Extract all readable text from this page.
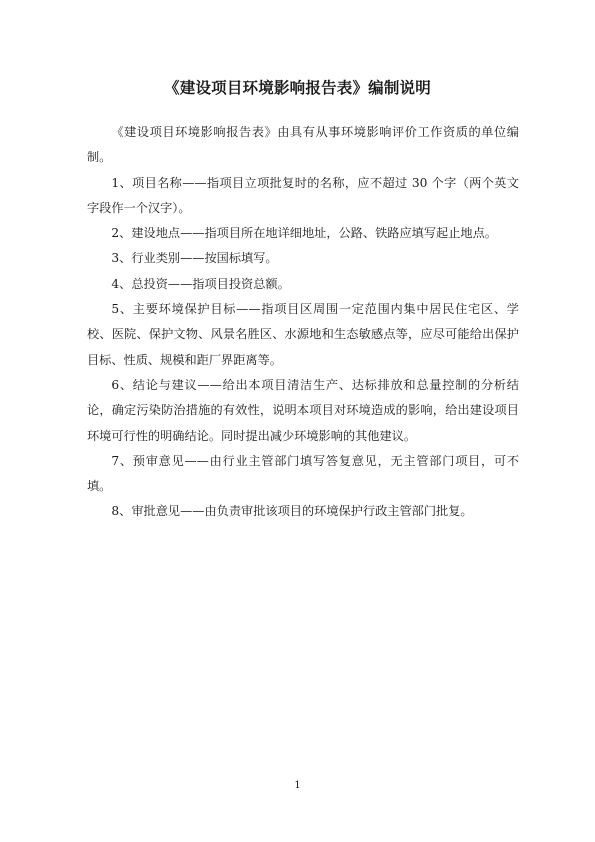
《建设项目环境影响报告表》编制说明

《建设项目环境影响报告表》由具有从事环境影响评价工作资质的单位编制。

1、项目名称——指项目立项批复时的名称，应不超过 30 个字（两个英文字段作一个汉字）。

2、建设地点——指项目所在地详细地址，公路、铁路应填写起止地点。

3、行业类别——按国标填写。

4、总投资——指项目投资总额。

5、主要环境保护目标——指项目区周围一定范围内集中居民住宅区、学校、医院、保护文物、风景名胜区、水源地和生态敏感点等，应尽可能给出保护目标、性质、规模和距厂界距离等。

6、结论与建议——给出本项目清洁生产、达标排放和总量控制的分析结论，确定污染防治措施的有效性，说明本项目对环境造成的影响，给出建设项目环境可行性的明确结论。同时提出减少环境影响的其他建议。

7、预审意见——由行业主管部门填写答复意见，无主管部门项目，可不填。

8、审批意见——由负责审批该项目的环境保护行政主管部门批复。

1
